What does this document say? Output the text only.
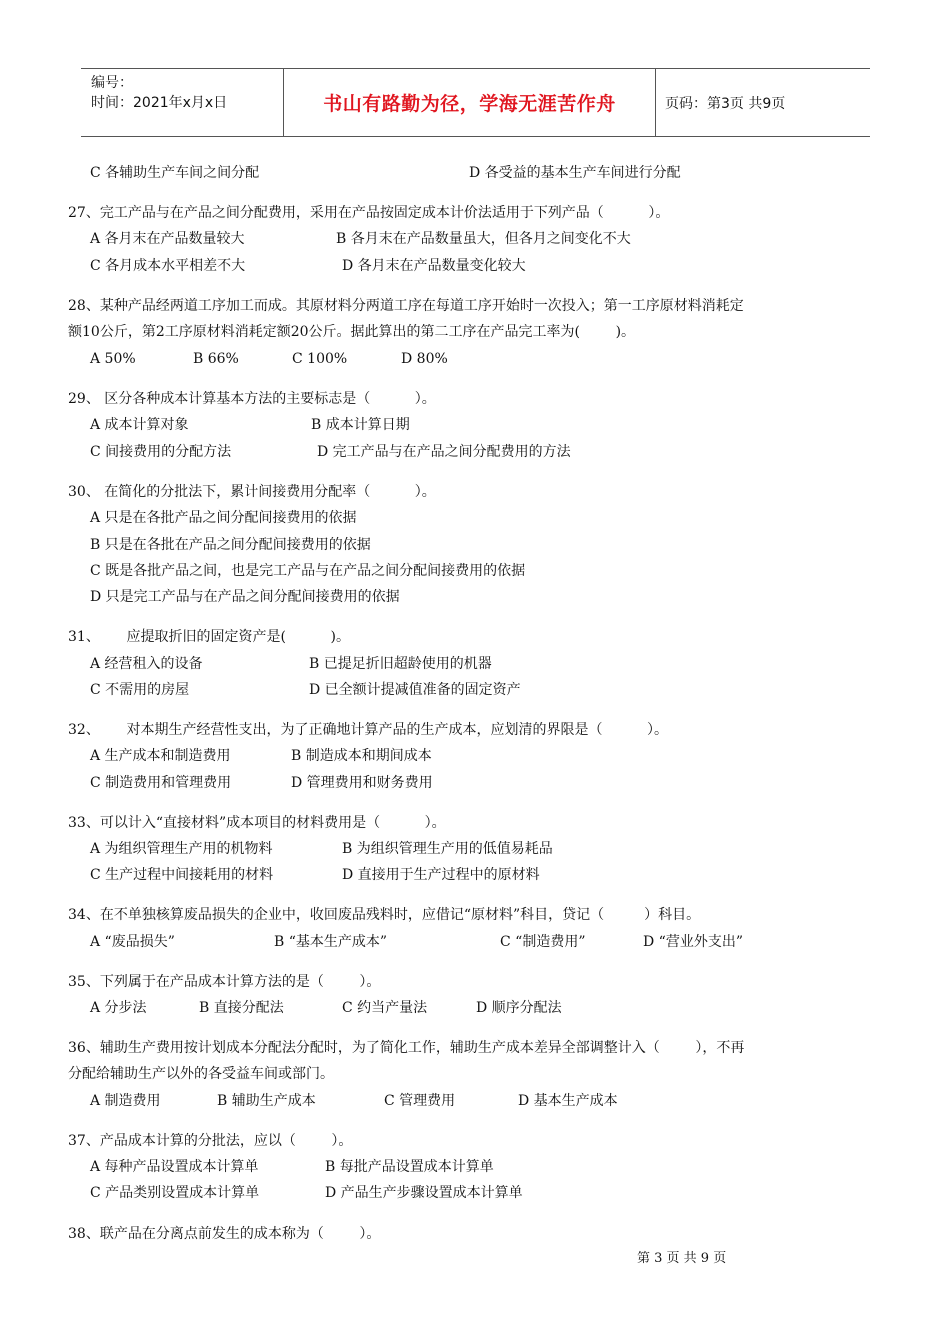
编号：
时间：2021年x月x日	书山有路勤为径，学海无涯苦作舟	页码：第3页 共9页
C 各辅助生产车间之间分配	D 各受益的基本生产车间进行分配
27、完工产品与在产品之间分配费用，采用在产品按固定成本计价法适用于下列产品（          ）。
A 各月末在产品数量较大	B 各月末在产品数量虽大，但各月之间变化不大
C 各月成本水平相差不大	D 各月末在产品数量变化较大
28、某种产品经两道工序加工而成。其原材料分两道工序在每道工序开始时一次投入；第一工序原材料消耗定
额10公斤，第2工序原材料消耗定额20公斤。据此算出的第二工序在产品完工率为(        )。
A 50%	B 66%	C 100%	D 80%
29、 区分各种成本计算基本方法的主要标志是（          ）。
A 成本计算对象	B 成本计算日期
C 间接费用的分配方法	D 完工产品与在产品之间分配费用的方法
30、 在简化的分批法下，累计间接费用分配率（          ）。
A 只是在各批产品之间分配间接费用的依据
B 只是在各批在产品之间分配间接费用的依据
C 既是各批产品之间，也是完工产品与在产品之间分配间接费用的依据
D 只是完工产品与在产品之间分配间接费用的依据
31、      应提取折旧的固定资产是(          )。
A 经营租入的设备	B 已提足折旧超龄使用的机器
C 不需用的房屋	D 已全额计提减值准备的固定资产
32、      对本期生产经营性支出，为了正确地计算产品的生产成本，应划清的界限是（          ）。
A 生产成本和制造费用	B 制造成本和期间成本
C 制造费用和管理费用	D 管理费用和财务费用
33、可以计入“直接材料”成本项目的材料费用是（          ）。
A 为组织管理生产用的机物料	B 为组织管理生产用的低值易耗品
C 生产过程中间接耗用的材料	D 直接用于生产过程中的原材料
34、在不单独核算废品损失的企业中，收回废品残料时，应借记“原材料”科目，贷记（         ）科目。
A “废品损失”	B “基本生产成本”	C “制造费用”	D “营业外支出”
35、下列属于在产品成本计算方法的是（        ）。
A 分步法	B 直接分配法	C 约当产量法	D 顺序分配法
36、辅助生产费用按计划成本分配法分配时，为了简化工作，辅助生产成本差异全部调整计入（        ），不再
分配给辅助生产以外的各受益车间或部门。
A 制造费用	B 辅助生产成本	C 管理费用	D 基本生产成本
37、产品成本计算的分批法，应以（        ）。
A 每种产品设置成本计算单	B 每批产品设置成本计算单
C 产品类别设置成本计算单	D 产品生产步骤设置成本计算单
38、联产品在分离点前发生的成本称为（        ）。
第 3 页 共 9 页
